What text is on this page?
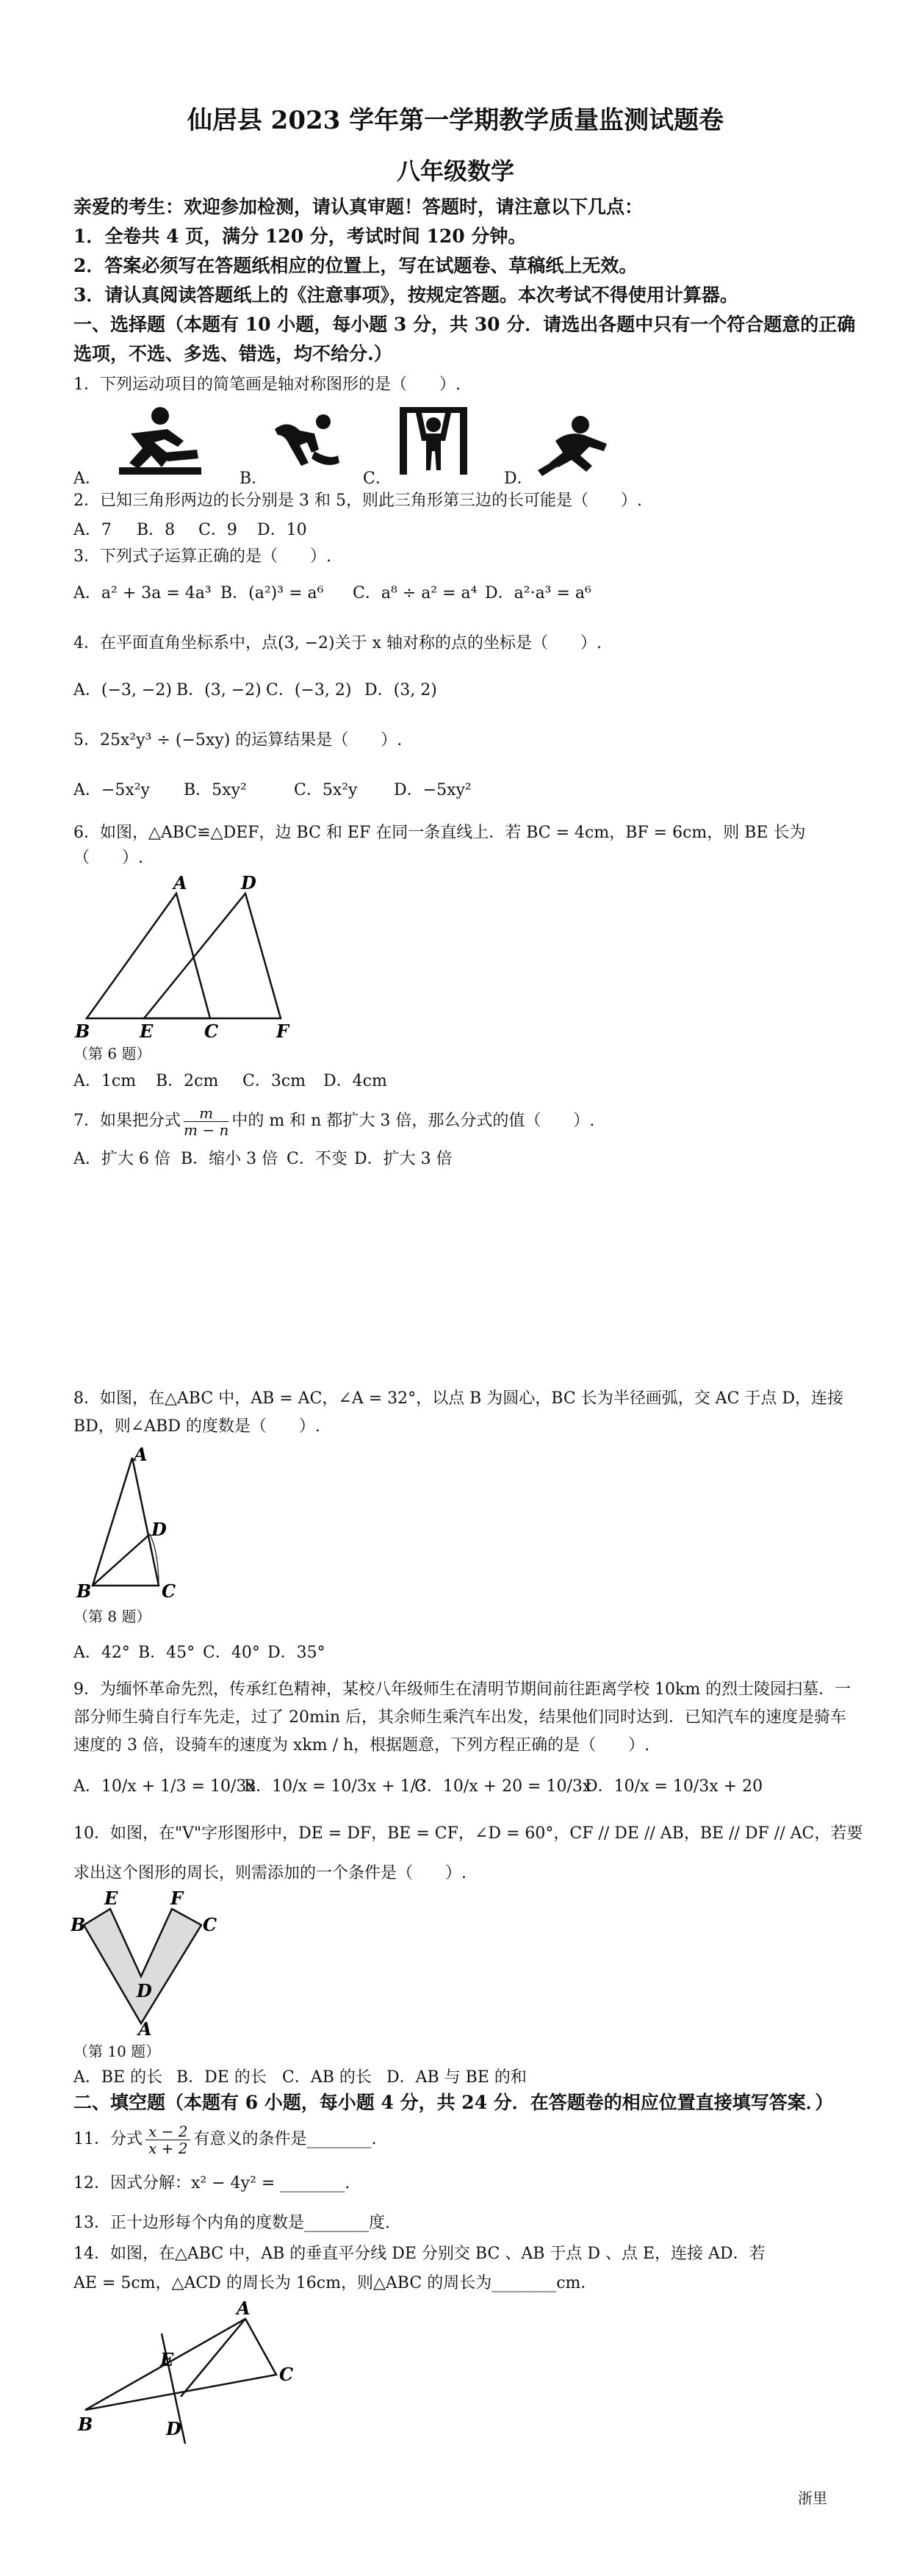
仙居县 2023 学年第一学期教学质量监测试题卷
八年级数学
亲爱的考生：欢迎参加检测，请认真审题！答题时，请注意以下几点：
1．全卷共 4 页，满分 120 分，考试时间 120 分钟。
2．答案必须写在答题纸相应的位置上，写在试题卷、草稿纸上无效。
3．请认真阅读答题纸上的《注意事项》，按规定答题。本次考试不得使用计算器。
一、选择题（本题有 10 小题，每小题 3 分，共 30 分．请选出各题中只有一个符合题意的正确
选项，不选、多选、错选，均不给分.）
1．下列运动项目的简笔画是轴对称图形的是（　　）.
A．	B．	C．	D．
2．已知三角形两边的长分别是 3 和 5，则此三角形第三边的长可能是（　　）.
A．7 B．8 C．9 D．10
3．下列式子运算正确的是（　　）.
A．a² + 3a = 4a³ B．(a²)³ = a⁶ C．a⁸ ÷ a² = a⁴ D．a²·a³ = a⁶
4．在平面直角坐标系中，点(3, −2)关于 x 轴对称的点的坐标是（　　）.
A．(−3, −2) B．(3, −2) C．(−3, 2) D．(3, 2)
5．25x²y³ ÷ (−5xy) 的运算结果是（　　）.
A．−5x²y B．5xy²	C．5x²y D．−5xy²
6．如图，△ABC≌△DEF，边 BC 和 EF 在同一条直线上．若 BC = 4cm，BF = 6cm，则 BE 长为
（　　）.
A	D
B	E	C	F
（第 6 题）
A．1cm B．2cm C．3cm D．4cm
7．如果把分式 $\frac{m}{m - n}$ 中的 m 和 n 都扩大 3 倍，那么分式的值（　　）.
A．扩大 6 倍 B．缩小 3 倍 C．不变 D．扩大 3 倍
8．如图，在△ABC 中，AB = AC，∠A = 32°，以点 B 为圆心，BC 长为半径画弧，交 AC 于点 D，连接
BD，则∠ABD 的度数是（　　）.
A
D
B	C
（第 8 题）
A．42° B．45° C．40° D．35°
9．为缅怀革命先烈，传承红色精神，某校八年级师生在清明节期间前往距离学校 10km 的烈士陵园扫墓．一
部分师生骑自行车先走，过了 20min 后，其余师生乘汽车出发，结果他们同时达到．已知汽车的速度是骑车
速度的 3 倍，设骑车的速度为 xkm / h，根据题意，下列方程正确的是（　　）.
A．10/x + 1/3 = 10/3x
B．10/x = 10/3x + 1/3
C．10/x + 20 = 10/3x
D．10/x = 10/3x + 20
10．如图，在"V"字形图形中，DE = DF，BE = CF，∠D = 60°，CF // DE // AB，BE // DF // AC，若要
求出这个图形的周长，则需添加的一个条件是（　　）.
E	F
B	C
D
A
（第 10 题）
A．BE 的长 B．DE 的长 C．AB 的长 D．AB 与 BE 的和
二、填空题（本题有 6 小题，每小题 4 分，共 24 分．在答题卷的相应位置直接填写答案．）
11．分式 $\frac{x - 2}{x + 2}$ 有意义的条件是________.
12．因式分解：x² − 4y² = ________.
13．正十边形每个内角的度数是________度.
14．如图，在△ABC 中，AB 的垂直平分线 DE 分别交 BC 、AB 于点 D 、点 E，连接 AD．若
AE = 5cm，△ACD 的周长为 16cm，则△ABC 的周长为________cm．
A
E
B	D
C
浙里
